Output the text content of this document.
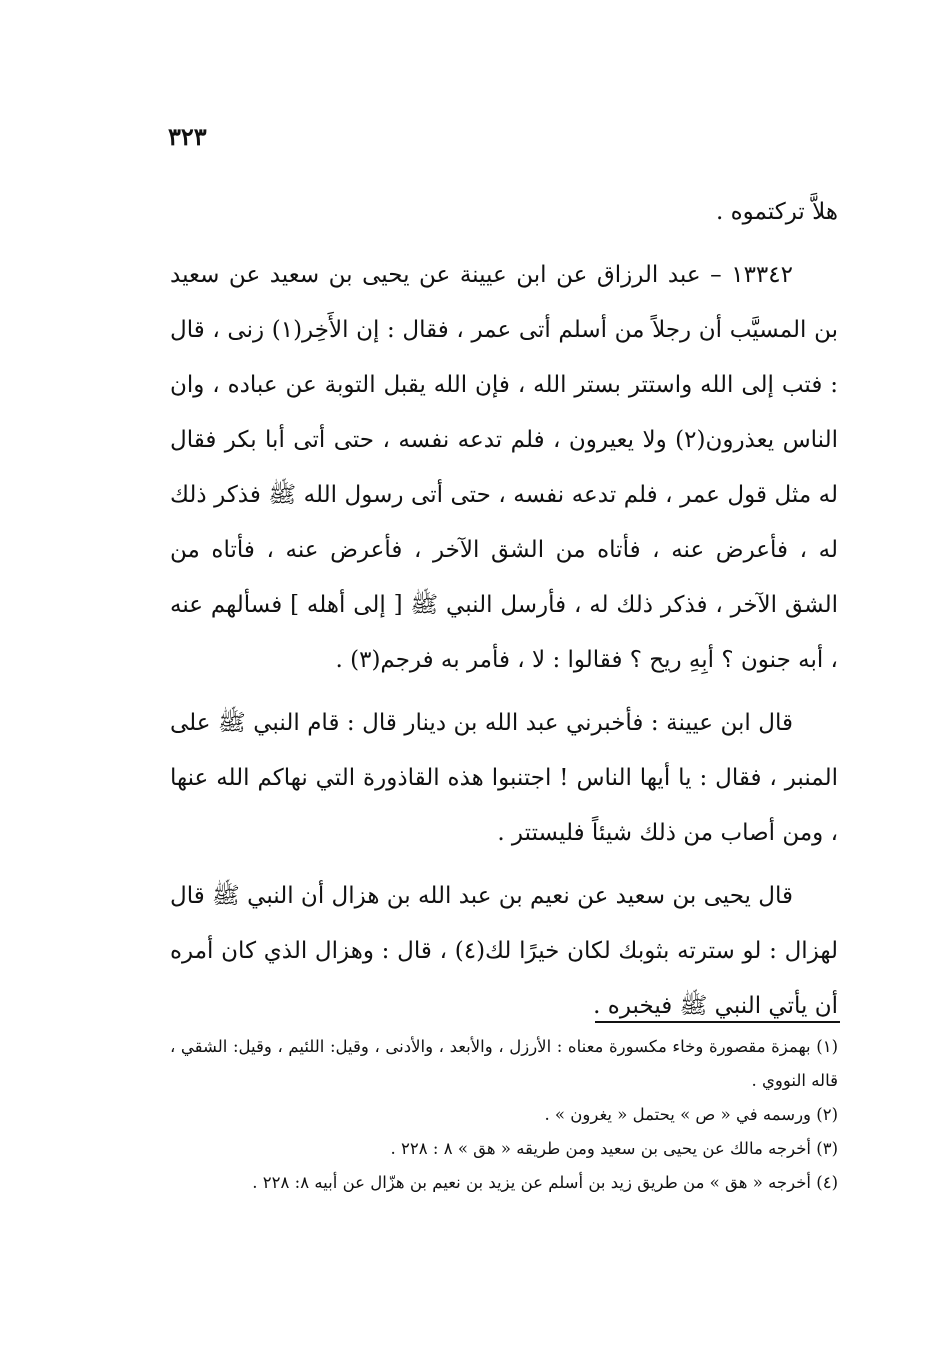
٣٢٣

هلاَّ تركتموه .

١٣٣٤٢ – عبد الرزاق عن ابن عيينة عن يحيى بن سعيد عن سعيد بن المسيَّب أن رجلاً من أسلم أتى عمر ، فقال : إن الأَخِر(١) زنى ، قال : فتب إلى الله واستتر بستر الله ، فإن الله يقبل التوبة عن عباده ، وان الناس يعذرون(٢) ولا يعيرون ، فلم تدعه نفسه ، حتى أتى أبا بكر فقال له مثل قول عمر ، فلم تدعه نفسه ، حتى أتى رسول الله ﷺ فذكر ذلك له ، فأعرض عنه ، فأتاه من الشق الآخر ، فأعرض عنه ، فأتاه من الشق الآخر ، فذكر ذلك له ، فأرسل النبي ﷺ [ إلى أهله ] فسألهم عنه ، أبه جنون ؟ أبِهِ ريح ؟ فقالوا : لا ، فأمر به فرجم(٣) .

قال ابن عيينة : فأخبرني عبد الله بن دينار قال : قام النبي ﷺ على المنبر ، فقال : يا أيها الناس ! اجتنبوا هذه القاذورة التي نهاكم الله عنها ، ومن أصاب من ذلك شيئاً فليستتر .

قال يحيى بن سعيد عن نعيم بن عبد الله بن هزال أن النبي ﷺ قال لهزال : لو سترته بثوبك لكان خيرًا لك(٤) ، قال : وهزال الذي كان أمره أن يأتي النبي ﷺ فيخبره .

(١) بهمزة مقصورة وخاء مكسورة معناه : الأرزل ، والأبعد ، والأدنى ، وقيل: اللئيم ، وقيل: الشقي ، قاله النووي .

(٢) ورسمه في « ص » يحتمل « يغرون » .

(٣) أخرجه مالك عن يحيى بن سعيد ومن طريقه « هق » ٨ : ٢٢٨ .

(٤) أخرجه « هق » من طريق زيد بن أسلم عن يزيد بن نعيم بن هزّال عن أبيه ٨: ٢٢٨ .
